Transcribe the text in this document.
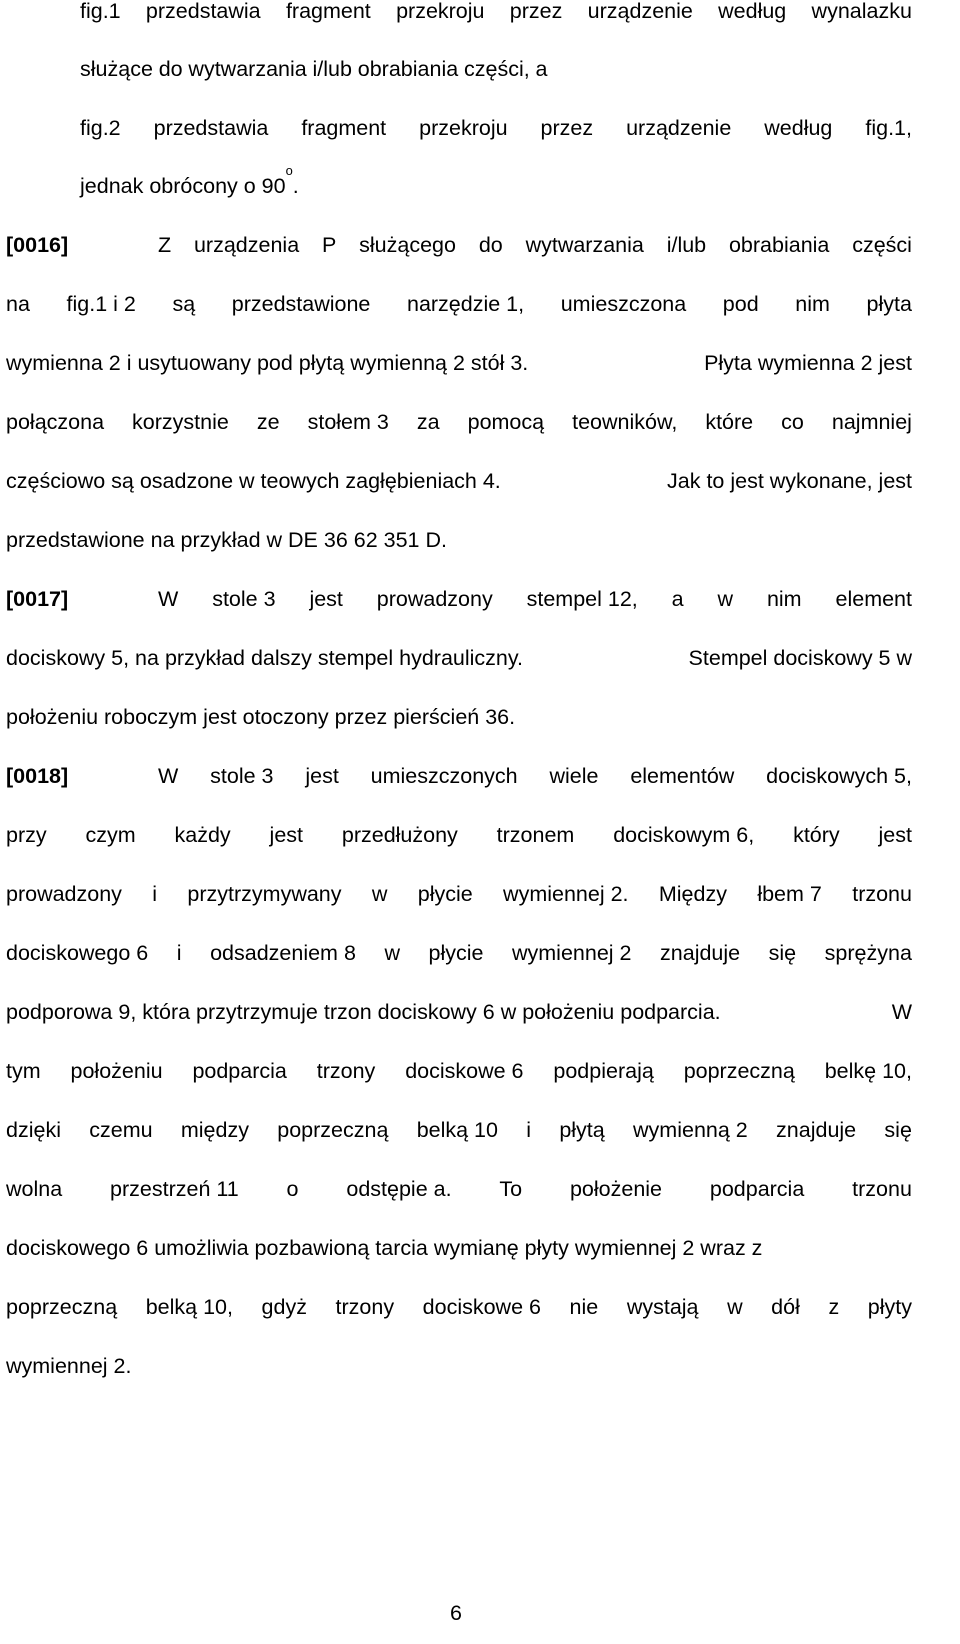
fig.1 przedstawia fragment przekroju przez urządzenie według wynalazku
służące do wytwarzania i/lub obrabiania części, a
fig.2 przedstawia fragment przekroju przez urządzenie według fig.1,
jednak obrócony o 90
o
.
[0016]	Z urządzenia P służącego do wytwarzania i/lub obrabiania części
na fig.1 i 2 są przedstawione narzędzie 1, umieszczona pod nim płyta
wymienna 2 i usytuowany pod płytą wymienną 2 stół 3.	Płyta wymienna 2 jest
połączona korzystnie ze stołem 3 za pomocą teowników, które co najmniej
częściowo są osadzone w teowych zagłębieniach 4.	Jak to jest wykonane, jest
przedstawione na przykład w DE 36 62 351 D.
[0017]	W stole 3 jest prowadzony stempel 12, a w nim element
dociskowy 5, na przykład dalszy stempel hydrauliczny.	Stempel dociskowy 5 w
położeniu roboczym jest otoczony przez pierścień 36.
[0018]	W stole 3 jest umieszczonych wiele elementów dociskowych 5,
przy czym każdy jest przedłużony trzonem dociskowym 6, który jest
prowadzony i przytrzymywany w płycie wymiennej 2. Między łbem 7 trzonu
dociskowego 6 i odsadzeniem 8 w płycie wymiennej 2 znajduje się sprężyna
podporowa 9, która przytrzymuje trzon dociskowy 6 w położeniu podparcia.	W
tym położeniu podparcia trzony dociskowe 6 podpierają poprzeczną belkę 10,
dzięki czemu między poprzeczną belką 10 i płytą wymienną 2 znajduje się
wolna przestrzeń 11 o odstępie a. To położenie podparcia trzonu
dociskowego 6 umożliwia pozbawioną tarcia wymianę płyty wymiennej 2 wraz z
poprzeczną belką 10, gdyż trzony dociskowe 6 nie wystają w dół z płyty
wymiennej 2.
6
